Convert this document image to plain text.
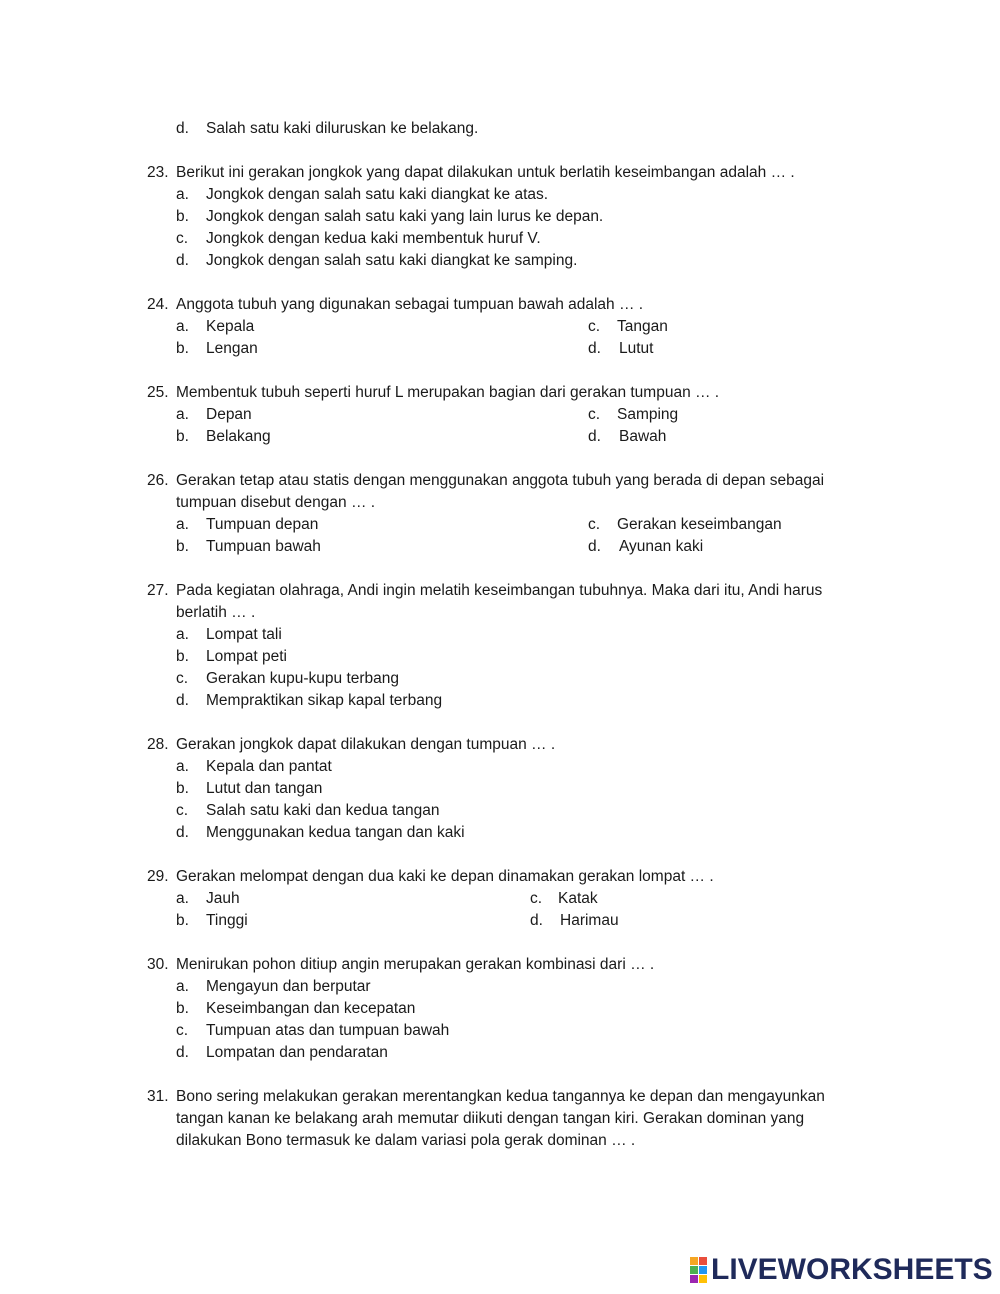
d. Salah satu kaki diluruskan ke belakang.
23. Berikut ini gerakan jongkok yang dapat dilakukan untuk berlatih keseimbangan adalah … .
a. Jongkok dengan salah satu kaki diangkat ke atas.
b. Jongkok dengan salah satu kaki yang lain lurus ke depan.
c. Jongkok dengan kedua kaki membentuk huruf V.
d. Jongkok dengan salah satu kaki diangkat ke samping.
24. Anggota tubuh yang digunakan sebagai tumpuan bawah adalah … .
a. Kepala
b. Lengan
c. Tangan
d. Lutut
25. Membentuk tubuh seperti huruf L merupakan bagian dari gerakan tumpuan … .
a. Depan
b. Belakang
c. Samping
d. Bawah
26. Gerakan tetap atau statis dengan menggunakan anggota tubuh yang berada di depan sebagai
tumpuan disebut dengan … .
a. Tumpuan depan
b. Tumpuan bawah
c. Gerakan keseimbangan
d. Ayunan kaki
27. Pada kegiatan olahraga, Andi ingin melatih keseimbangan tubuhnya. Maka dari itu, Andi harus
berlatih … .
a. Lompat tali
b. Lompat peti
c. Gerakan kupu-kupu terbang
d. Mempraktikan sikap kapal terbang
28. Gerakan jongkok dapat dilakukan dengan tumpuan … .
a. Kepala dan pantat
b. Lutut dan tangan
c. Salah satu kaki dan kedua tangan
d. Menggunakan kedua tangan dan kaki
29. Gerakan melompat dengan dua kaki ke depan dinamakan gerakan lompat … .
a. Jauh
b. Tinggi
c. Katak
d. Harimau
30. Menirukan pohon ditiup angin merupakan gerakan kombinasi dari … .
a. Mengayun dan berputar
b. Keseimbangan dan kecepatan
c. Tumpuan atas dan tumpuan bawah
d. Lompatan dan pendaratan
31. Bono sering melakukan gerakan merentangkan kedua tangannya ke depan dan mengayunkan
tangan kanan ke belakang arah memutar diikuti dengan tangan kiri. Gerakan dominan yang
dilakukan Bono termasuk ke dalam variasi pola gerak dominan … .
LIVEWORKSHEETS
